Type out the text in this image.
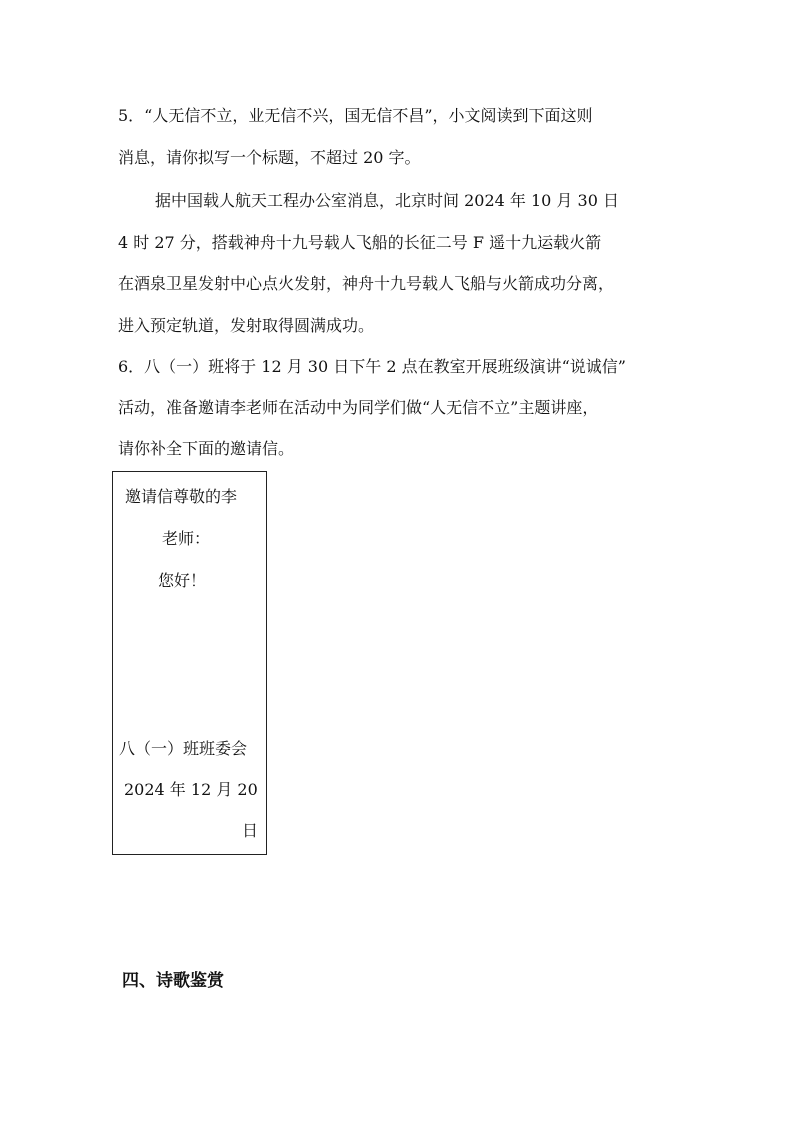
5．“人无信不立，业无信不兴，国无信不昌”，小文阅读到下面这则
消息，请你拟写一个标题，不超过 20 字。
据中国载人航天工程办公室消息，北京时间 2024 年 10 月 30 日
4 时 27 分，搭载神舟十九号载人飞船的长征二号 F 遥十九运载火箭
在酒泉卫星发射中心点火发射，神舟十九号载人飞船与火箭成功分离，
进入预定轨道，发射取得圆满成功。
6．八（一）班将于 12 月 30 日下午 2 点在教室开展班级演讲“说诚信”
活动，准备邀请李老师在活动中为同学们做“人无信不立”主题讲座，
请你补全下面的邀请信。
邀请信尊敬的李
老师：
您好！
八（一）班班委会
2024 年 12 月 20
日
四、诗歌鉴赏
